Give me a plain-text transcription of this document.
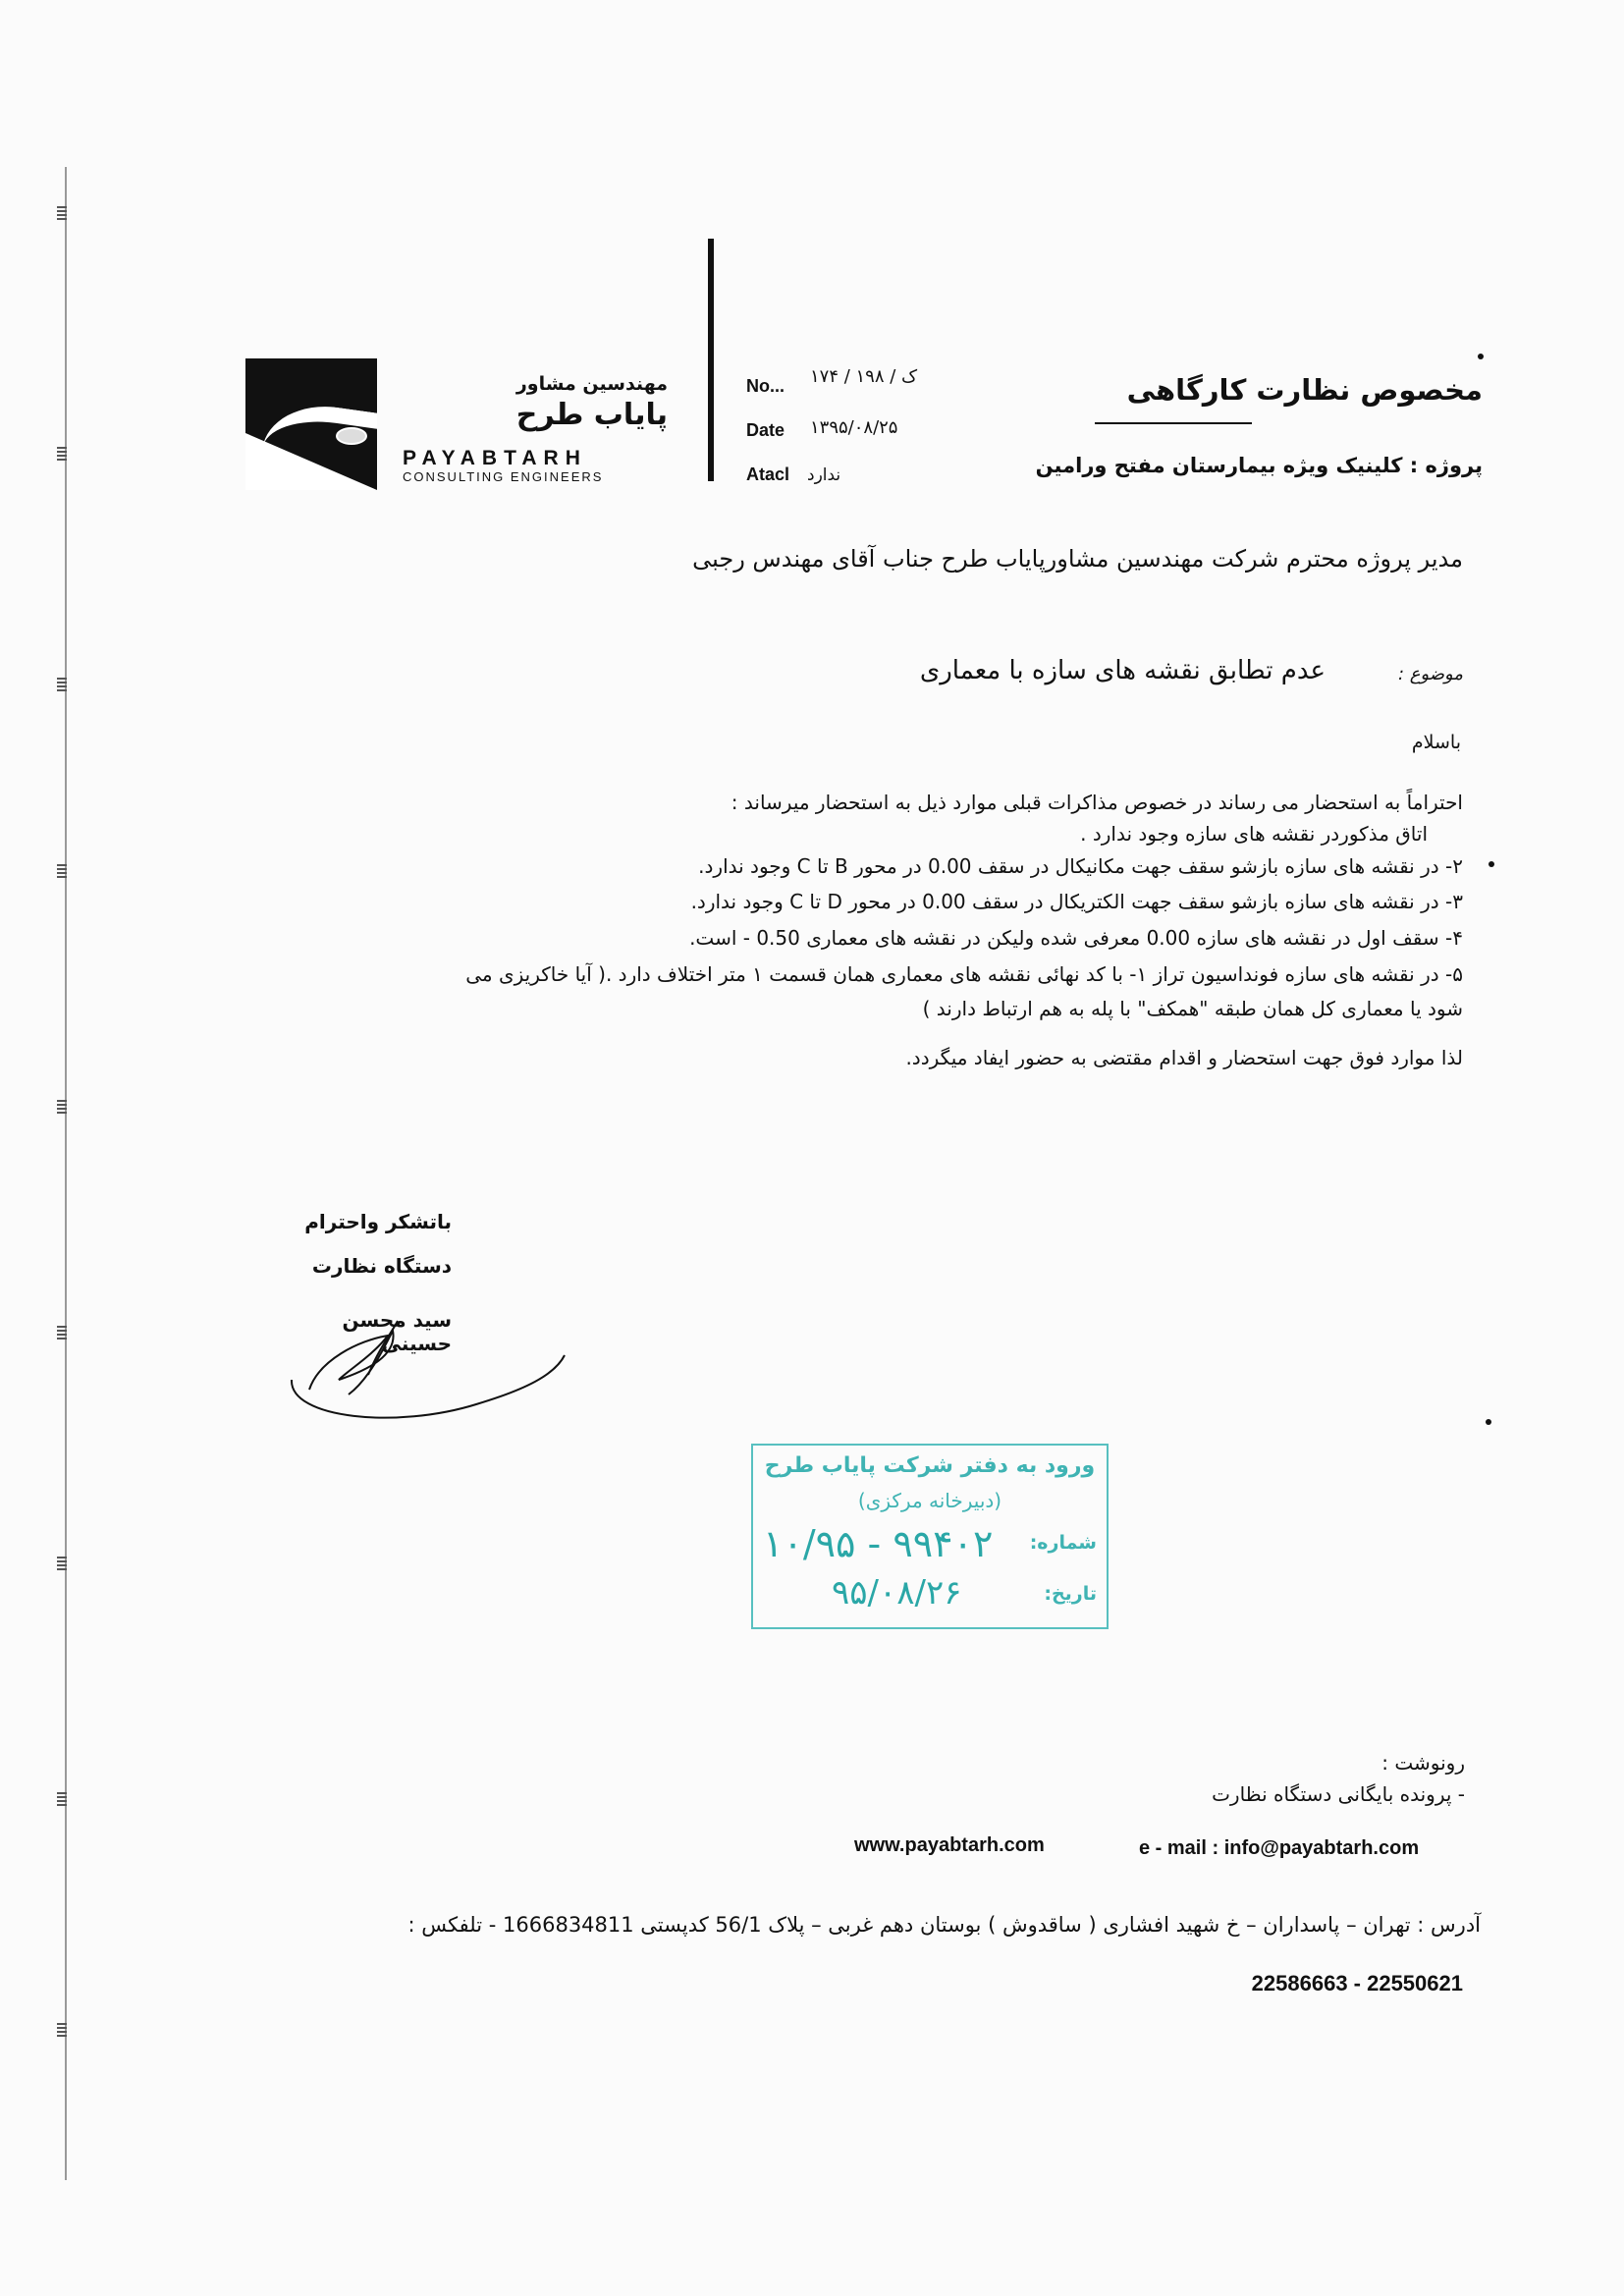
مهندسین مشاور
پایاب طرح
PAYABTARH
CONSULTING ENGINEERS
No... ۱۷۴ / ک / ۱۹۸
Date ۱۳۹۵/۰۸/۲۵
Atacl ندارد
مخصوص نظارت کارگاهی
پروژه : کلینیک ویژه بیمارستان مفتح ورامین
مدیر پروژه محترم شرکت مهندسین مشاورپایاب طرح جناب آقای مهندس رجبی
موضوع :
عدم تطابق نقشه های سازه با معماری
باسلام
احتراماً به استحضار می رساند در خصوص مذاکرات قبلی موارد ذیل به استحضار میرساند :
اتاق مذکوردر نقشه های سازه وجود ندارد .
۲- در نقشه های سازه بازشو سقف جهت مکانیکال در سقف 0.00 در محور B تا C وجود ندارد.
۳- در نقشه های سازه بازشو سقف جهت الکتریکال در سقف 0.00 در محور D تا C وجود ندارد.
۴- سقف اول در نقشه های سازه 0.00 معرفی شده ولیکن در نقشه های معماری 0.50 - است.
۵- در نقشه های سازه فونداسیون تراز ۱- با کد نهائی نقشه های معماری همان قسمت ۱ متر اختلاف دارد .( آیا خاکریزی می
شود یا معماری کل همان طبقه "همکف" با پله به هم ارتباط دارند )
لذا موارد فوق جهت استحضار و اقدام مقتضی به حضور ایفاد میگردد.
باتشکر واحترام
دستگاه نظارت
سید محسن حسینی
ورود به دفتر شرکت پایاب طرح
(دبیرخانه مرکزی)
شماره:
۱۰/۹۵ - ۹۹۴۰۲
تاریخ:
۹۵/۰۸/۲۶
رونوشت :
- پرونده بایگانی دستگاه نظارت
www.payabtarh.com	e - mail : info@payabtarh.com
آدرس : تهران – پاسداران – خ شهید افشاری ( ساقدوش ) بوستان دهم غربی – پلاک 56/1 کدپستی 1666834811 - تلفکس :
22586663 - 22550621
